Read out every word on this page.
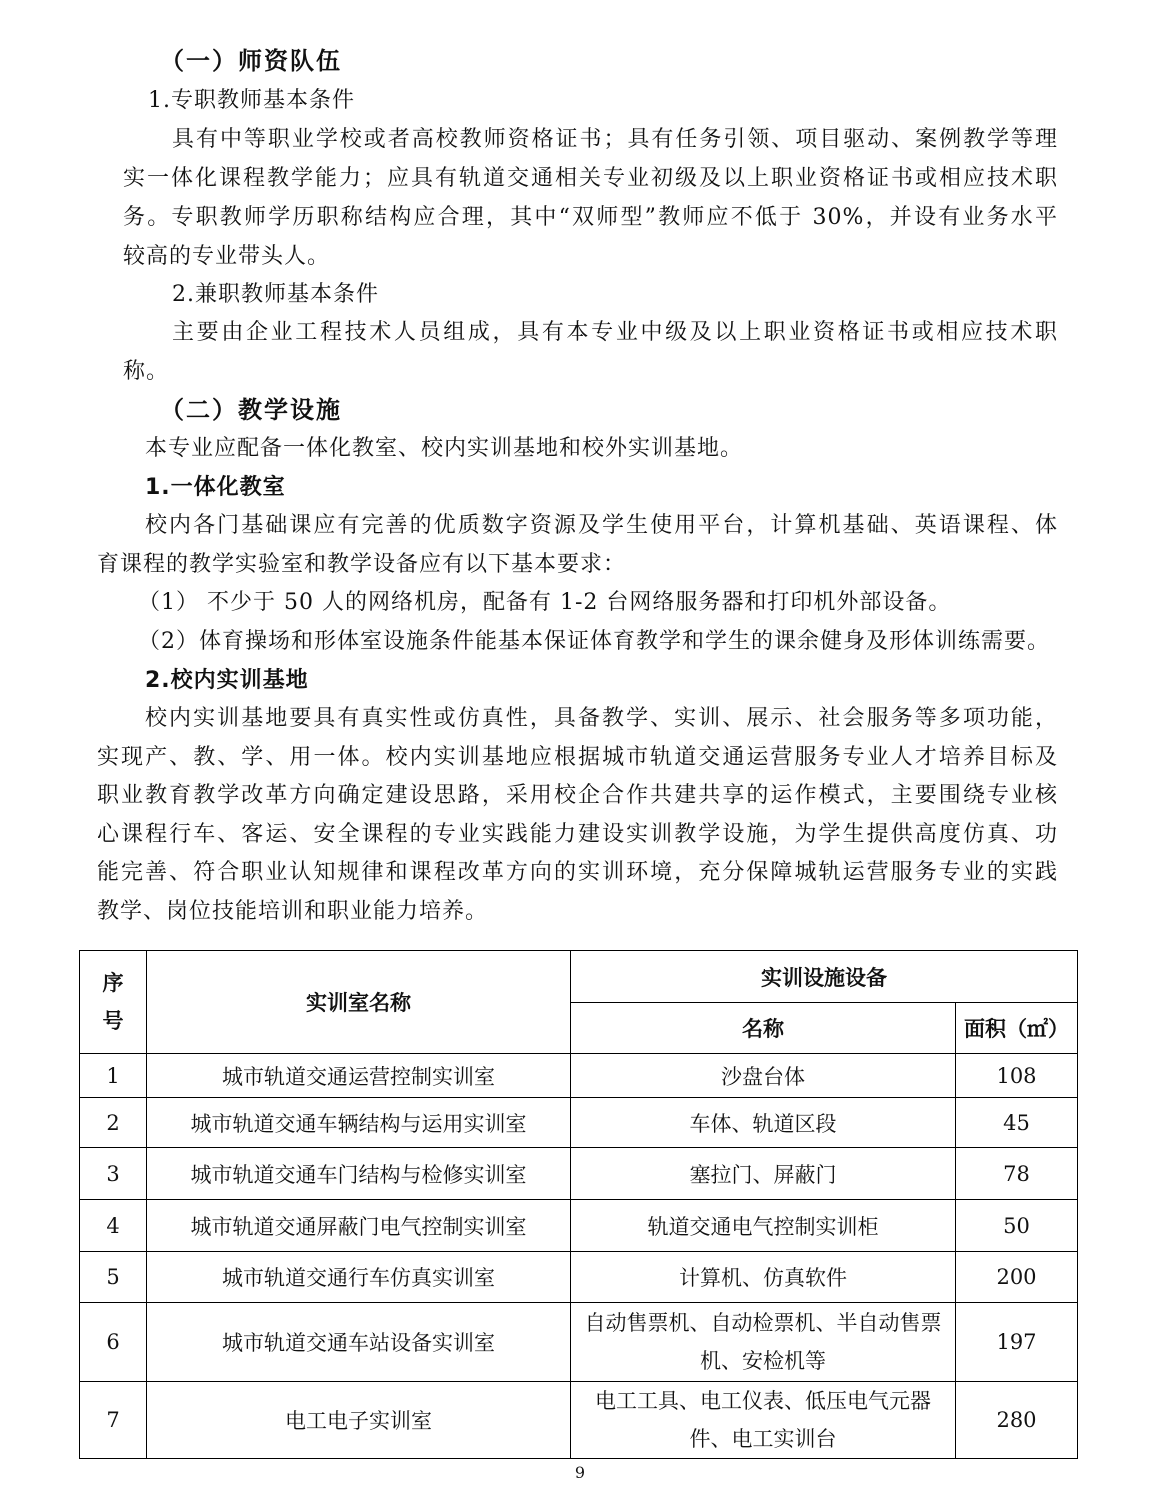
（一）师资队伍
1.专职教师基本条件
具有中等职业学校或者高校教师资格证书；具有任务引领、项目驱动、案例教学等理
实一体化课程教学能力；应具有轨道交通相关专业初级及以上职业资格证书或相应技术职
务。专职教师学历职称结构应合理，其中“双师型”教师应不低于 30%，并设有业务水平
较高的专业带头人。
2.兼职教师基本条件
主要由企业工程技术人员组成，具有本专业中级及以上职业资格证书或相应技术职
称。
（二）教学设施
本专业应配备一体化教室、校内实训基地和校外实训基地。
1.一体化教室
校内各门基础课应有完善的优质数字资源及学生使用平台，计算机基础、英语课程、体
育课程的教学实验室和教学设备应有以下基本要求：
（1） 不少于 50 人的网络机房，配备有 1-2 台网络服务器和打印机外部设备。
（2）体育操场和形体室设施条件能基本保证体育教学和学生的课余健身及形体训练需要。
2.校内实训基地
校内实训基地要具有真实性或仿真性，具备教学、实训、展示、社会服务等多项功能，
实现产、教、学、用一体。校内实训基地应根据城市轨道交通运营服务专业人才培养目标及
职业教育教学改革方向确定建设思路，采用校企合作共建共享的运作模式，主要围绕专业核
心课程行车、客运、安全课程的专业实践能力建设实训教学设施，为学生提供高度仿真、功
能完善、符合职业认知规律和课程改革方向的实训环境，充分保障城轨运营服务专业的实践
教学、岗位技能培训和职业能力培养。
序
号	实训室名称	实训设施设备	
		名称	面积（㎡）
1	城市轨道交通运营控制实训室	沙盘台体	108
2	城市轨道交通车辆结构与运用实训室	车体、轨道区段	45
3	城市轨道交通车门结构与检修实训室	塞拉门、屏蔽门	78
4	城市轨道交通屏蔽门电气控制实训室	轨道交通电气控制实训柜	50
5	城市轨道交通行车仿真实训室	计算机、仿真软件	200
6	城市轨道交通车站设备实训室	自动售票机、自动检票机、半自动售票机、安检机等	197
7	电工电子实训室	电工工具、电工仪表、低压电气元器件、电工实训台	280
9
